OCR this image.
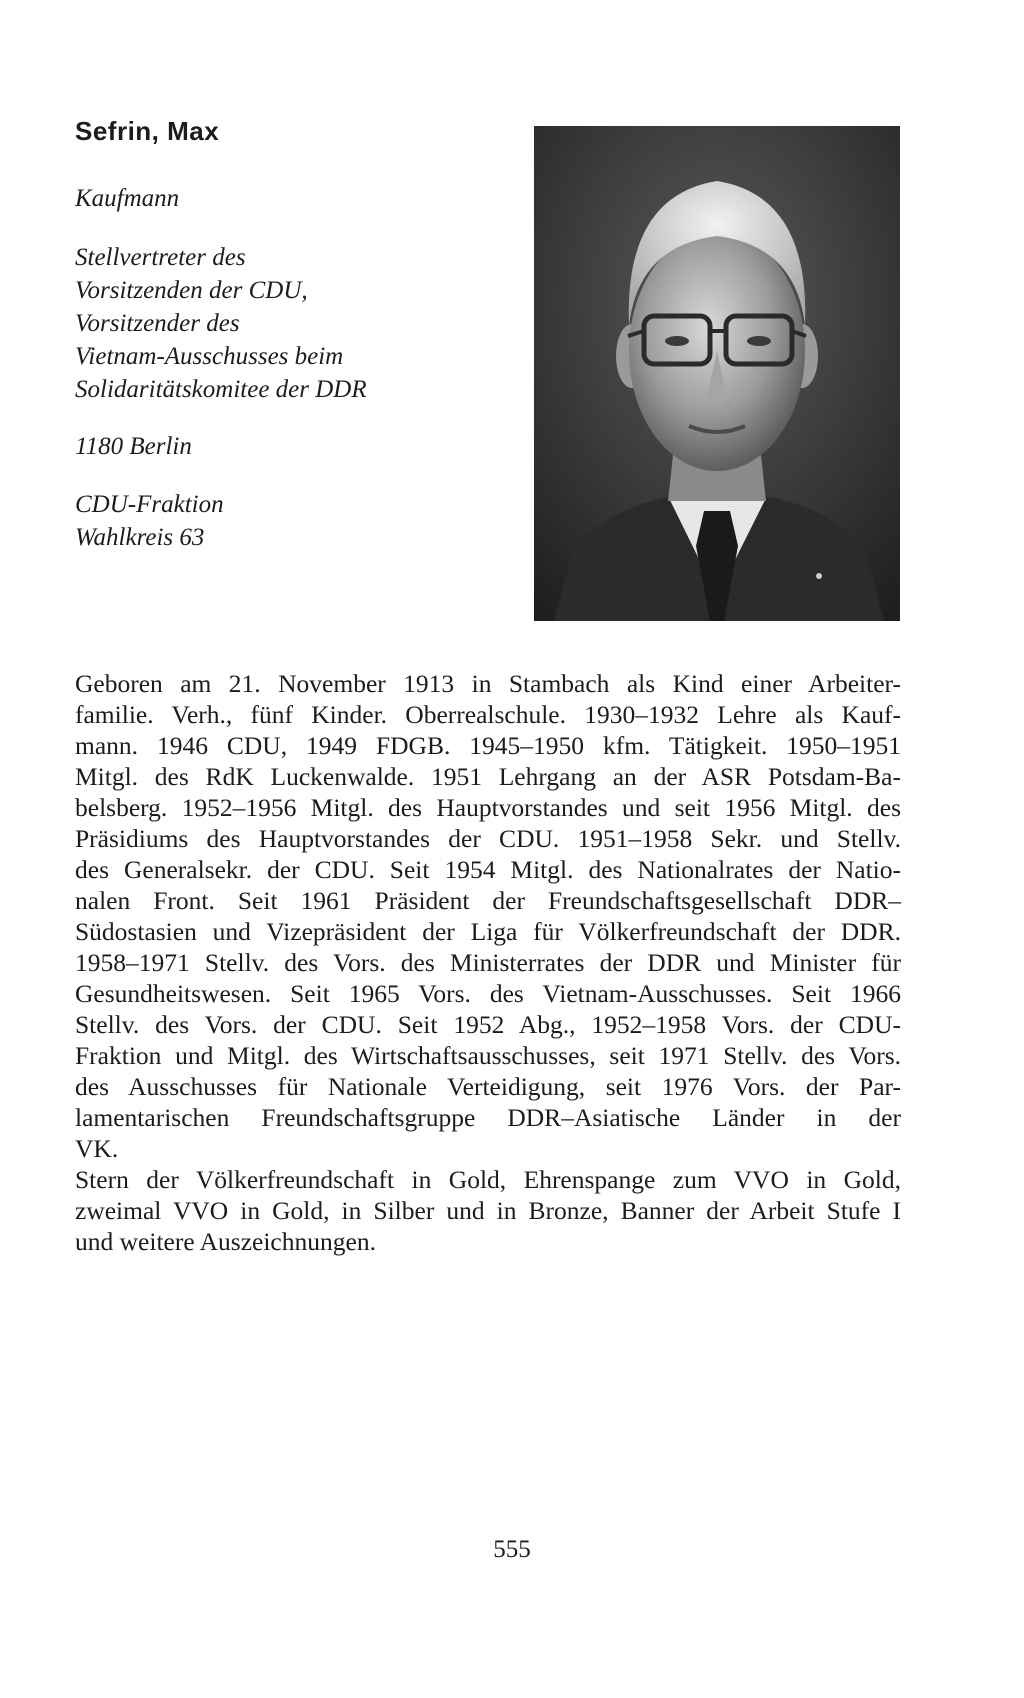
Sefrin, Max
Kaufmann
Stellvertreter des
Vorsitzenden der CDU,
Vorsitzender des
Vietnam-Ausschusses beim
Solidaritätskomitee der DDR
1180 Berlin
CDU-Fraktion
Wahlkreis 63

Geboren am 21. November 1913 in Stambach als Kind einer Arbeiter-
familie. Verh., fünf Kinder. Oberrealschule. 1930–1932 Lehre als Kauf-
mann. 1946 CDU, 1949 FDGB. 1945–1950 kfm. Tätigkeit. 1950–1951
Mitgl. des RdK Luckenwalde. 1951 Lehrgang an der ASR Potsdam-Ba-
belsberg. 1952–1956 Mitgl. des Hauptvorstandes und seit 1956 Mitgl. des
Präsidiums des Hauptvorstandes der CDU. 1951–1958 Sekr. und Stellv.
des Generalsekr. der CDU. Seit 1954 Mitgl. des Nationalrates der Natio-
nalen Front. Seit 1961 Präsident der Freundschaftsgesellschaft DDR–
Südostasien und Vizepräsident der Liga für Völkerfreundschaft der DDR.
1958–1971 Stellv. des Vors. des Ministerrates der DDR und Minister für
Gesundheitswesen. Seit 1965 Vors. des Vietnam-Ausschusses. Seit 1966
Stellv. des Vors. der CDU. Seit 1952 Abg., 1952–1958 Vors. der CDU-
Fraktion und Mitgl. des Wirtschaftsausschusses, seit 1971 Stellv. des Vors.
des Ausschusses für Nationale Verteidigung, seit 1976 Vors. der Par-
lamentarischen Freundschaftsgruppe DDR–Asiatische Länder in der
VK.

Stern der Völkerfreundschaft in Gold, Ehrenspange zum VVO in Gold,
zweimal VVO in Gold, in Silber und in Bronze, Banner der Arbeit Stufe I
und weitere Auszeichnungen.

555
